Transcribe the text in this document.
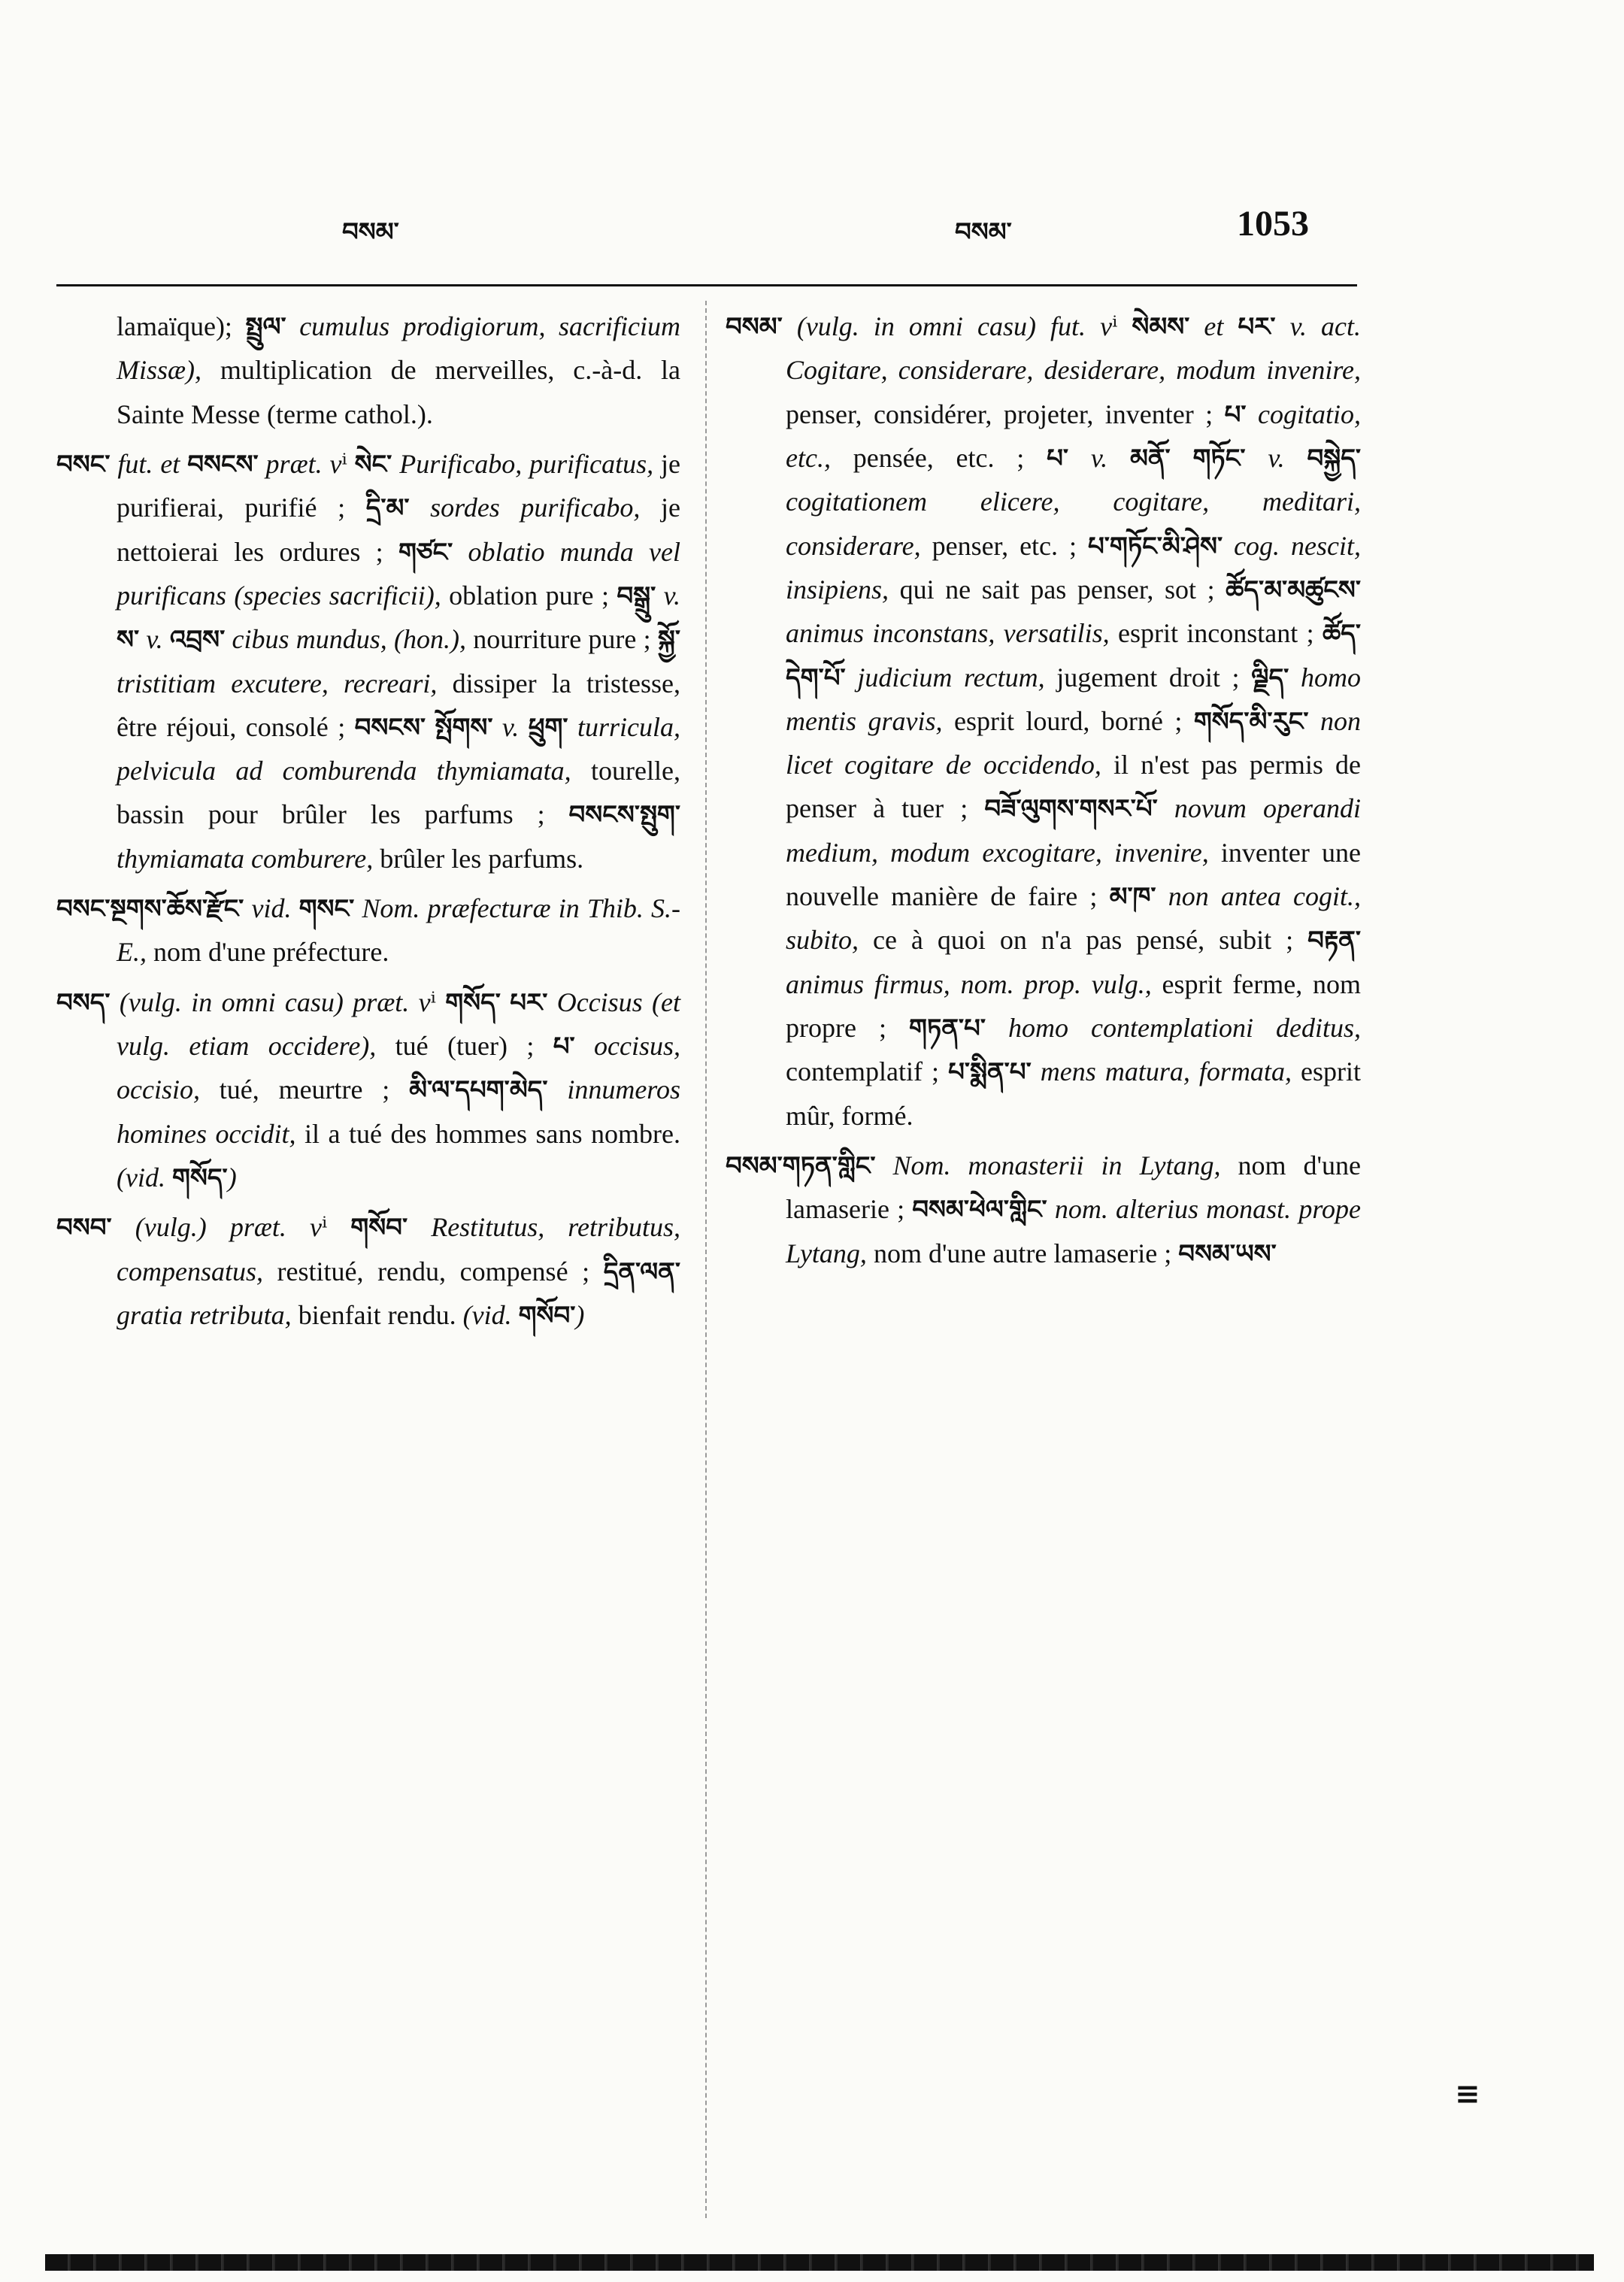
བསམ་	བསམ་	1053

lamaïque); སྤྲུལ་ cumulus prodigiorum, sacrificium Missæ), multiplication de merveilles, c.-à-d. la Sainte Messe (terme cathol.).

བསང་ fut. et བསངས་ præt. vⁱ སེང་ Purificabo, purificatus, je purifierai, purifié ; དྲི་མ་ sordes purificabo, je nettoierai les ordures ; གཙང་ oblatio munda vel purificans (species sacrificii), oblation pure ; བསྒྲུ་ v. ས་ v. འབྲས་ cibus mundus, (hon.), nourriture pure ; སྐྱོ་ tristitiam excutere, recreari, dissiper la tristesse, être réjoui, consolé ; བསངས་ སྤོགས་ v. ཕྲུག་ turricula, pelvicula ad comburenda thymiamata, tourelle, bassin pour brûler les parfums ; བསངས་སྤུག་ thymiamata comburere, brûler les parfums.

བསང་སྔགས་ཆོས་རྫོང་ vid. གསང་ Nom. præfecturæ in Thib. S.-E., nom d'une préfecture.

བསད་ (vulg. in omni casu) præt. vⁱ གསོད་ པར་ Occisus (et vulg. etiam occidere), tué (tuer) ; པ་ occisus, occisio, tué, meurtre ; མི་ལ་དཔག་མེད་ innumeros homines occidit, il a tué des hommes sans nombre. (vid. གསོད་)

བསབ་ (vulg.) præt. vⁱ གསོབ་ Restitutus, retributus, compensatus, restitué, rendu, compensé ; དྲིན་ལན་ gratia retributa, bienfait rendu. (vid. གསོབ་)

བསམ་ (vulg. in omni casu) fut. vⁱ སེམས་ et པར་ v. act. Cogitare, considerare, desiderare, modum invenire, penser, considérer, projeter, inventer ; པ་ cogitatio, etc., pensée, etc. ; པ་ v. མནོ་ གཏོང་ v. བསྐྱེད་ cogitationem elicere, cogitare, meditari, considerare, penser, etc. ; པ་གཏོང་མི་ཤེས་ cog. nescit, insipiens, qui ne sait pas penser, sot ; ཚོད་མ་མཚུངས་ animus inconstans, versatilis, esprit inconstant ; ཚོད་དེག་པོ་ judicium rectum, jugement droit ; ལྗིད་ homo mentis gravis, esprit lourd, borné ; གསོད་མི་རུང་ non licet cogitare de occidendo, il n'est pas permis de penser à tuer ; བཟོ་ལུགས་གསར་པོ་ novum operandi medium, modum excogitare, invenire, inventer une nouvelle manière de faire ; མ་ཁ་ non antea cogit., subito, ce à quoi on n'a pas pensé, subit ; བརྟན་ animus firmus, nom. prop. vulg., esprit ferme, nom propre ; གཏན་པ་ homo contemplationi deditus, contemplatif ; པ་སྨིན་པ་ mens matura, formata, esprit mûr, formé.

བསམ་གཏན་གླིང་ Nom. monasterii in Lytang, nom d'une lamaserie ; བསམ་ཕེལ་གླིང་ nom. alterius monast. prope Lytang, nom d'une autre lamaserie ; བསམ་ཡས་

≡
